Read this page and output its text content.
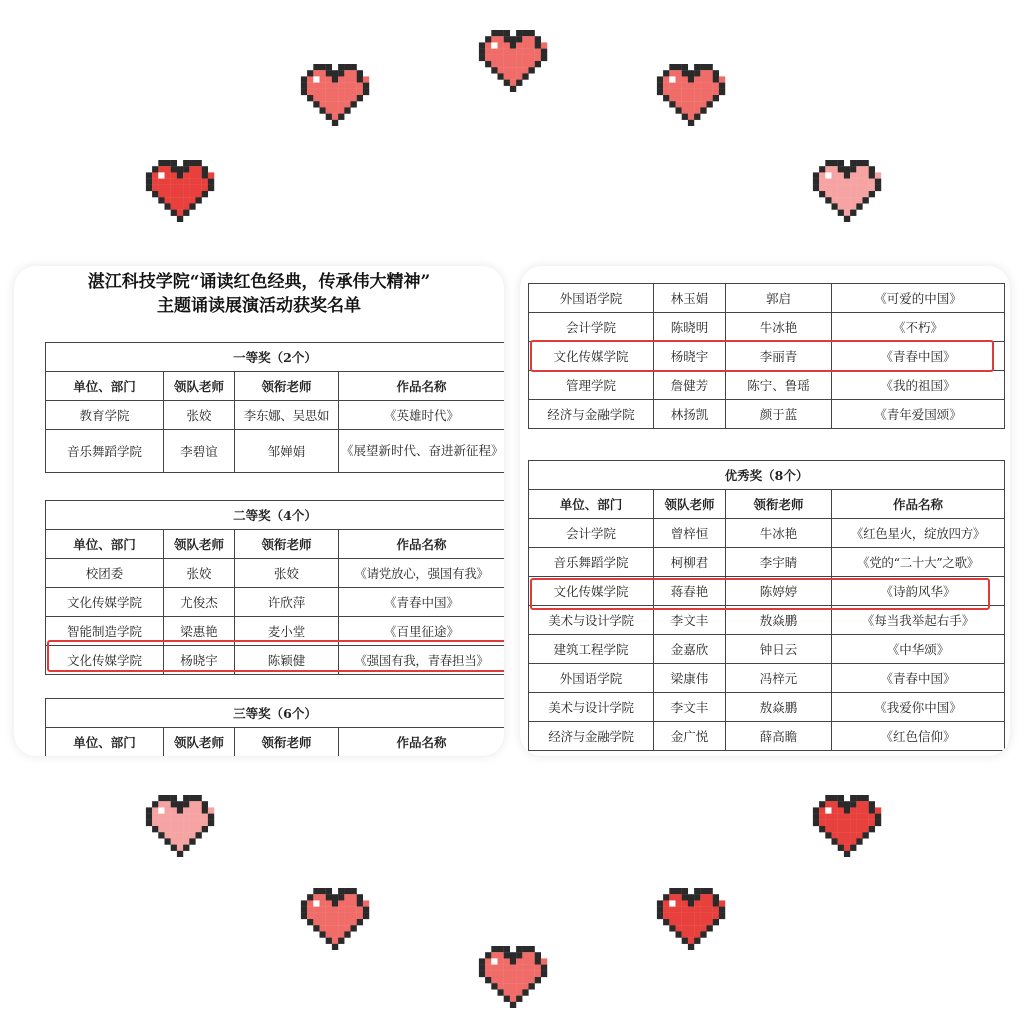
湛江科技学院“诵读红色经典，传承伟大精神”
主题诵读展演活动获奖名单
一等奖（2个）			
单位、部门	领队老师	领衔老师	作品名称
教育学院	张姣	李东娜、吴思如	《英雄时代》
音乐舞蹈学院	李碧谊	邹婵娟	《展望新时代、奋进新征程》
二等奖（4个）			
单位、部门	领队老师	领衔老师	作品名称
校团委	张姣	张姣	《请党放心，强国有我》
文化传媒学院	尤俊杰	许欣萍	《青春中国》
智能制造学院	梁惠艳	麦小堂	《百里征途》
文化传媒学院	杨晓宇	陈颖健	《强国有我，青春担当》
三等奖（6个）
单位、部门	领队老师	领衔老师	作品名称
外国语学院	林玉娟	郭启	《可爱的中国》
会计学院	陈晓明	牛冰艳	《不朽》
文化传媒学院	杨晓宇	李丽青	《青春中国》
管理学院	詹健芳	陈宁、鲁瑶	《我的祖国》
经济与金融学院	林扬凯	颜于蓝	《青年爱国颂》
优秀奖（8个）			
单位、部门	领队老师	领衔老师	作品名称
会计学院	曾梓恒	牛冰艳	《红色星火，绽放四方》
音乐舞蹈学院	柯柳君	李宇睛	《党的“二十大”之歌》
文化传媒学院	蒋春艳	陈婷婷	《诗韵风华》
美术与设计学院	李文丰	敖焱鹏	《每当我举起右手》
建筑工程学院	金嘉欣	钟日云	《中华颂》
外国语学院	梁康伟	冯梓元	《青春中国》
美术与设计学院	李文丰	敖焱鹏	《我爱你中国》
经济与金融学院	金广悦	薛高瞻	《红色信仰》
